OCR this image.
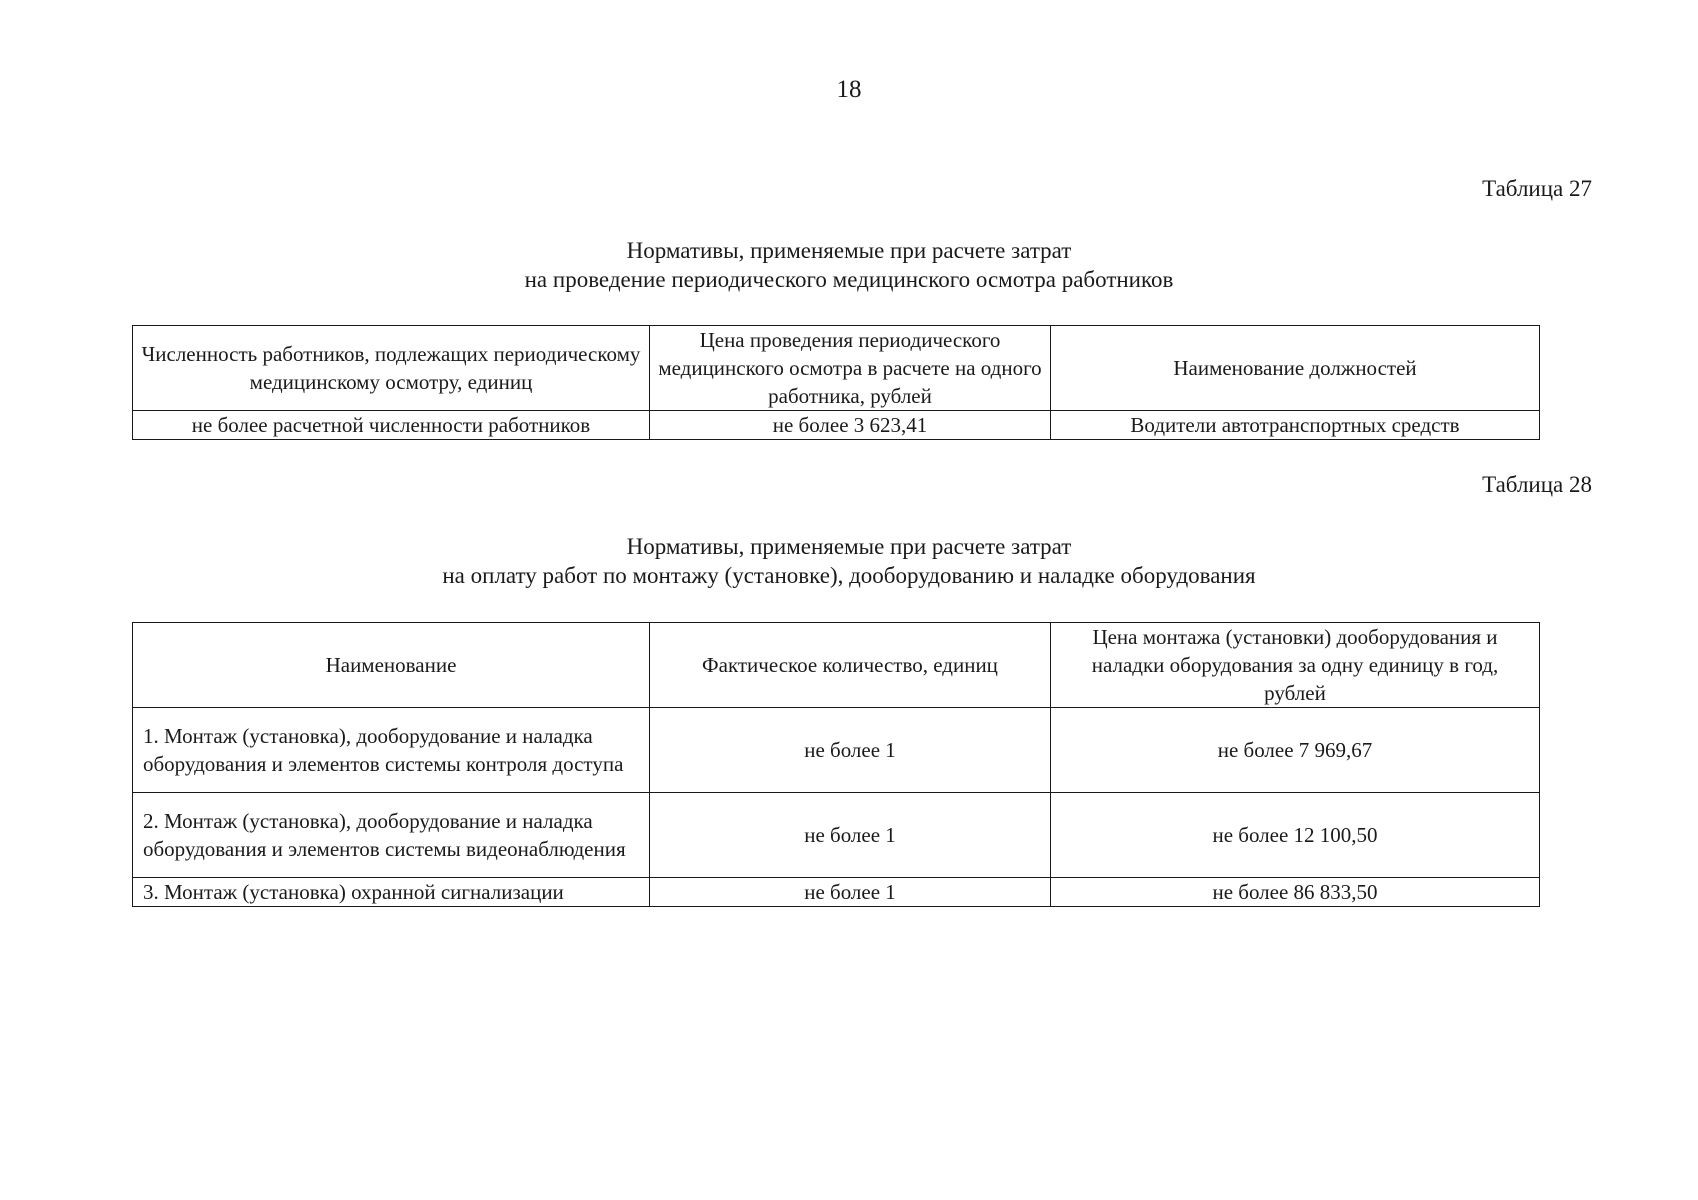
18
Таблица 27
Нормативы, применяемые при расчете затрат
на проведение периодического медицинского осмотра работников
Численность работников, подлежащих периодическому медицинскому осмотру, единиц	Цена проведения периодического медицинского осмотра в расчете на одного работника, рублей	Наименование должностей
не более расчетной численности работников	не более 3 623,41	Водители автотранспортных средств
Таблица 28
Нормативы, применяемые при расчете затрат
на оплату работ по монтажу (установке), дооборудованию и наладке оборудования
Наименование	Фактическое количество, единиц	Цена монтажа (установки) дооборудования и наладки оборудования за одну единицу в год, рублей
1. Монтаж (установка), дооборудование и наладка оборудования и элементов системы контроля доступа	не более 1	не более 7 969,67
2. Монтаж (установка), дооборудование и наладка оборудования и элементов системы видеонаблюдения	не более 1	не более 12 100,50
3. Монтаж (установка) охранной сигнализации	не более 1	не более 86 833,50
